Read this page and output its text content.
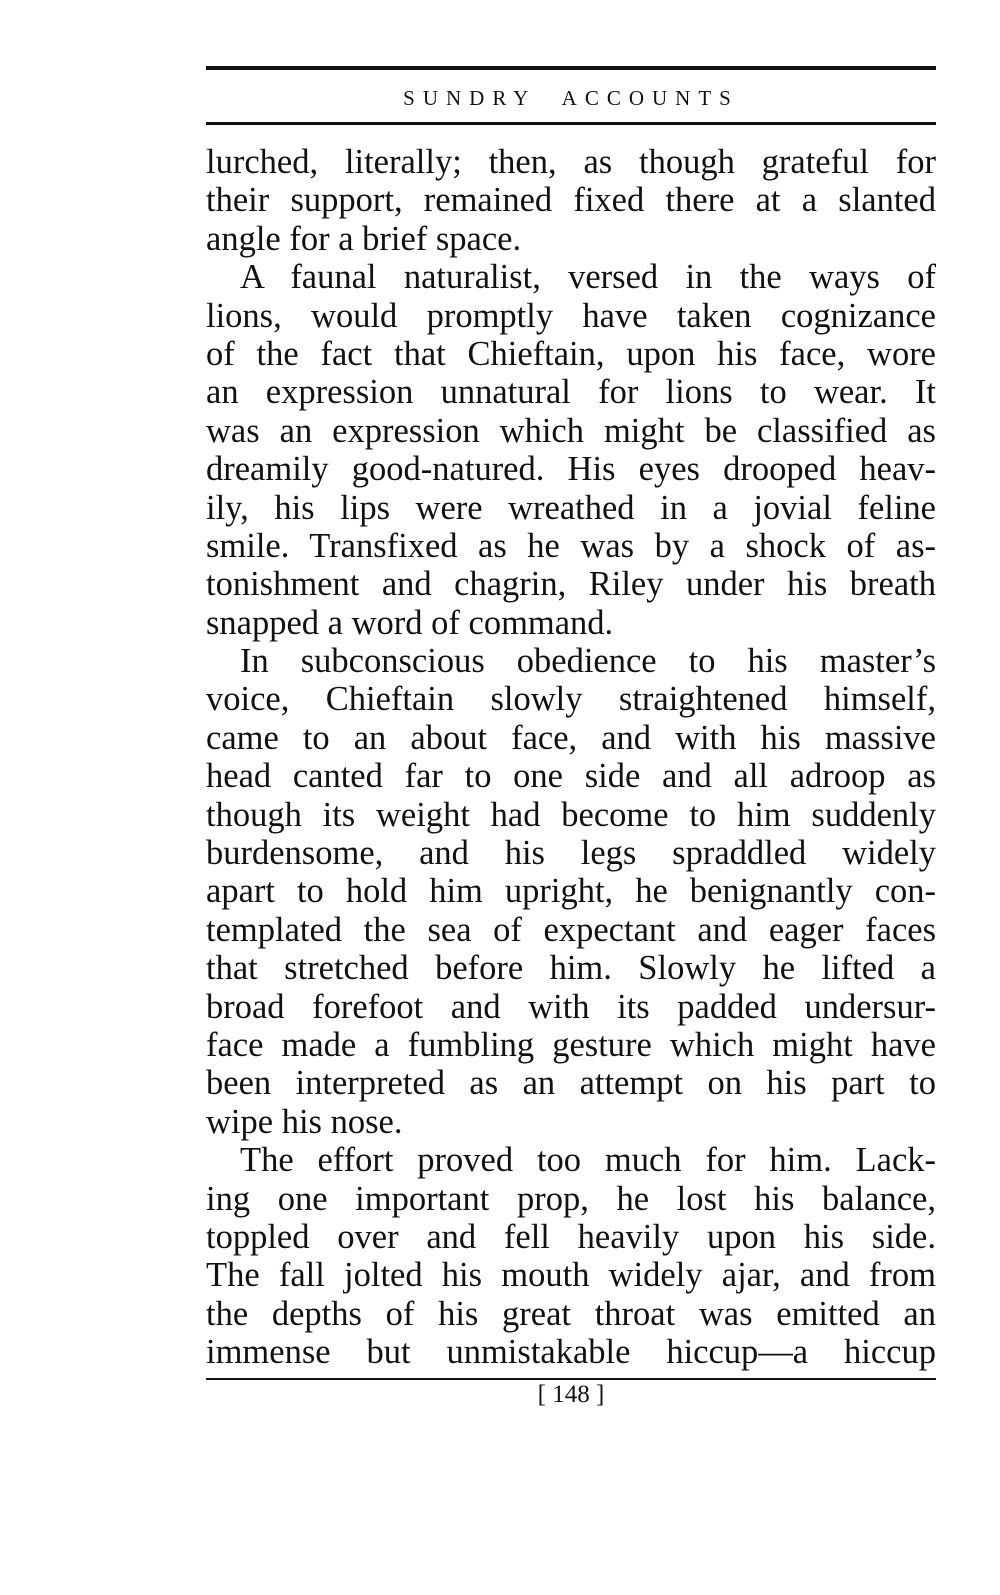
SUNDRY ACCOUNTS
lurched, literally; then, as though grateful for
their support, remained fixed there at a slanted
angle for a brief space.
A faunal naturalist, versed in the ways of
lions, would promptly have taken cognizance
of the fact that Chieftain, upon his face, wore
an expression unnatural for lions to wear. It
was an expression which might be classified as
dreamily good-natured. His eyes drooped heav-
ily, his lips were wreathed in a jovial feline
smile. Transfixed as he was by a shock of as-
tonishment and chagrin, Riley under his breath
snapped a word of command.
In subconscious obedience to his master’s
voice, Chieftain slowly straightened himself,
came to an about face, and with his massive
head canted far to one side and all adroop as
though its weight had become to him suddenly
burdensome, and his legs spraddled widely
apart to hold him upright, he benignantly con-
templated the sea of expectant and eager faces
that stretched before him. Slowly he lifted a
broad forefoot and with its padded undersur-
face made a fumbling gesture which might have
been interpreted as an attempt on his part to
wipe his nose.
The effort proved too much for him. Lack-
ing one important prop, he lost his balance,
toppled over and fell heavily upon his side.
The fall jolted his mouth widely ajar, and from
the depths of his great throat was emitted an
immense but unmistakable hiccup—a hiccup
[ 148 ]
